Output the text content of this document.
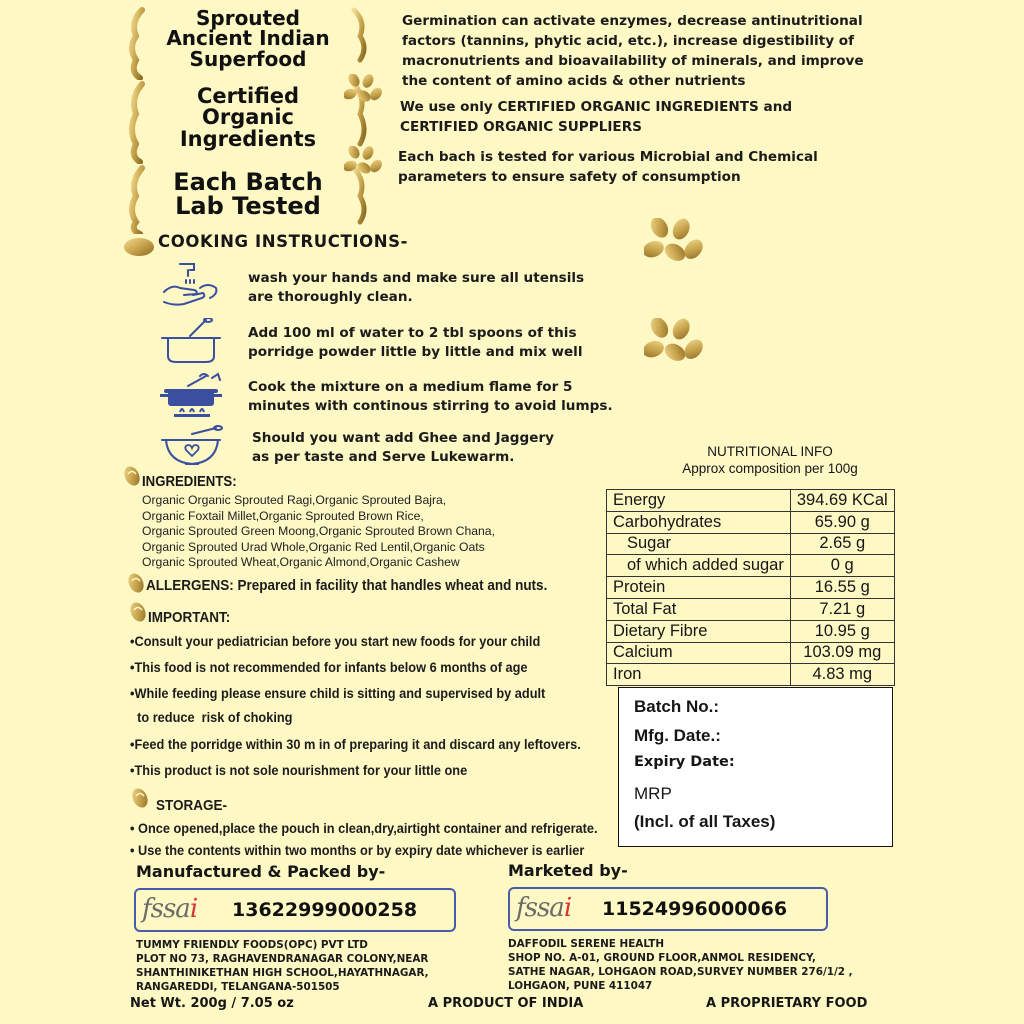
Sprouted
Ancient Indian
Superfood
Certified
Organic
Ingredients
Each Batch
Lab Tested
Germination can activate enzymes, decrease antinutritional
factors (tannins, phytic acid, etc.), increase digestibility of
macronutrients and bioavailability of minerals, and improve
the content of amino acids & other nutrients
We use only CERTIFIED ORGANIC INGREDIENTS and
CERTIFIED ORGANIC SUPPLIERS
Each bach is tested for various Microbial and Chemical
parameters to ensure safety of consumption
COOKING INSTRUCTIONS-
wash your hands and make sure all utensils
are thoroughly clean.
Add 100 ml of water to 2 tbl spoons of this
porridge powder little by little and mix well
Cook the mixture on a medium flame for 5
minutes with continous stirring to avoid lumps.
Should you want add Ghee and Jaggery
as per taste and Serve Lukewarm.
INGREDIENTS:
Organic Organic Sprouted Ragi,Organic Sprouted Bajra,
Organic Foxtail Millet,Organic Sprouted Brown Rice,
Organic Sprouted Green Moong,Organic Sprouted Brown Chana,
Organic Sprouted Urad Whole,Organic Red Lentil,Organic Oats
Organic Sprouted Wheat,Organic Almond,Organic Cashew
ALLERGENS: Prepared in facility that handles wheat and nuts.
IMPORTANT:
•Consult your pediatrician before you start new foods for your child
•This food is not recommended for infants below 6 months of age
•While feeding please ensure child is sitting and supervised by adult
to reduce  risk of choking
•Feed the porridge within 30 m in of preparing it and discard any leftovers.
•This product is not sole nourishment for your little one
STORAGE-
• Once opened,place the pouch in clean,dry,airtight container and refrigerate.
• Use the contents within two months or by expiry date whichever is earlier
NUTRITIONAL INFO
Approx composition per 100g
Energy	394.69 KCal
Carbohydrates	65.90 g
Sugar	2.65 g
of which added sugar	0 g
Protein	16.55 g
Total Fat	7.21 g
Dietary Fibre	10.95 g
Calcium	103.09 mg
Iron	4.83 mg
Batch No.:
Mfg. Date.:
Expiry Date:
MRP
(Incl. of all Taxes)
Manufactured & Packed by-
fssai 13622999000258
TUMMY FRIENDLY FOODS(OPC) PVT LTD
PLOT NO 73, RAGHAVENDRANAGAR COLONY,NEAR
SHANTHINIKETHAN HIGH SCHOOL,HAYATHNAGAR,
RANGAREDDI, TELANGANA-501505
Marketed by-
fssai 11524996000066
DAFFODIL SERENE HEALTH
SHOP NO. A-01, GROUND FLOOR,ANMOL RESIDENCY,
SATHE NAGAR, LOHGAON ROAD,SURVEY NUMBER 276/1/2 ,
LOHGAON, PUNE 411047
Net Wt. 200g / 7.05 oz	A PRODUCT OF INDIA	A PROPRIETARY FOOD
